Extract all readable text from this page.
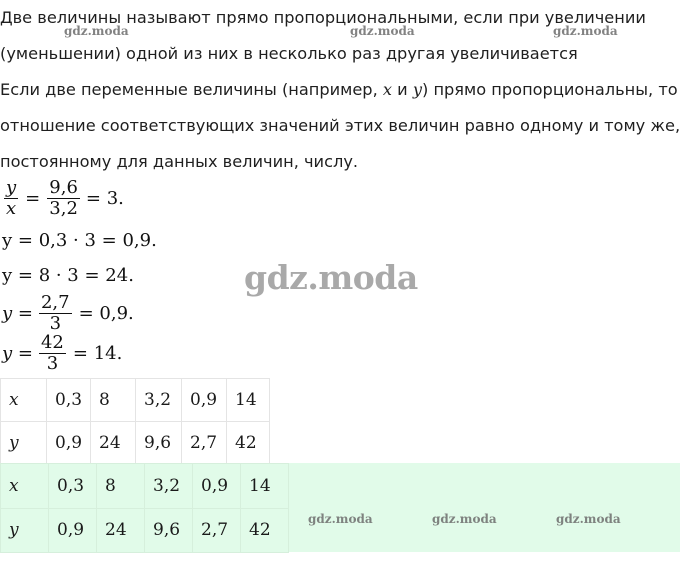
Две величины называют прямо пропорциональными, если при увеличении

(уменьшении) одной из них в несколько раз другая увеличивается

Если две переменные величины (например, x и y) прямо пропорциональны, то

отношение соответствующих значений этих величин равно одному и тому же,

постоянному для данных величин, числу.

gdz.moda	gdz.moda	gdz.moda
$\frac{y}{x} = \frac{9,6}{3,2} = 3$.
y = 0,3 · 3 = 0,9.
y = 8 · 3 = 24.
$y = \frac{2,7}{3} = 0,9$.
$y = \frac{42}{3} = 14$.
gdz.moda
x	0,3	8	3,2	0,9	14
y	0,9	24	9,6	2,7	42
x	0,3	8	3,2	0,9	14
y	0,9	24	9,6	2,7	42
gdz.moda	gdz.moda	gdz.moda
